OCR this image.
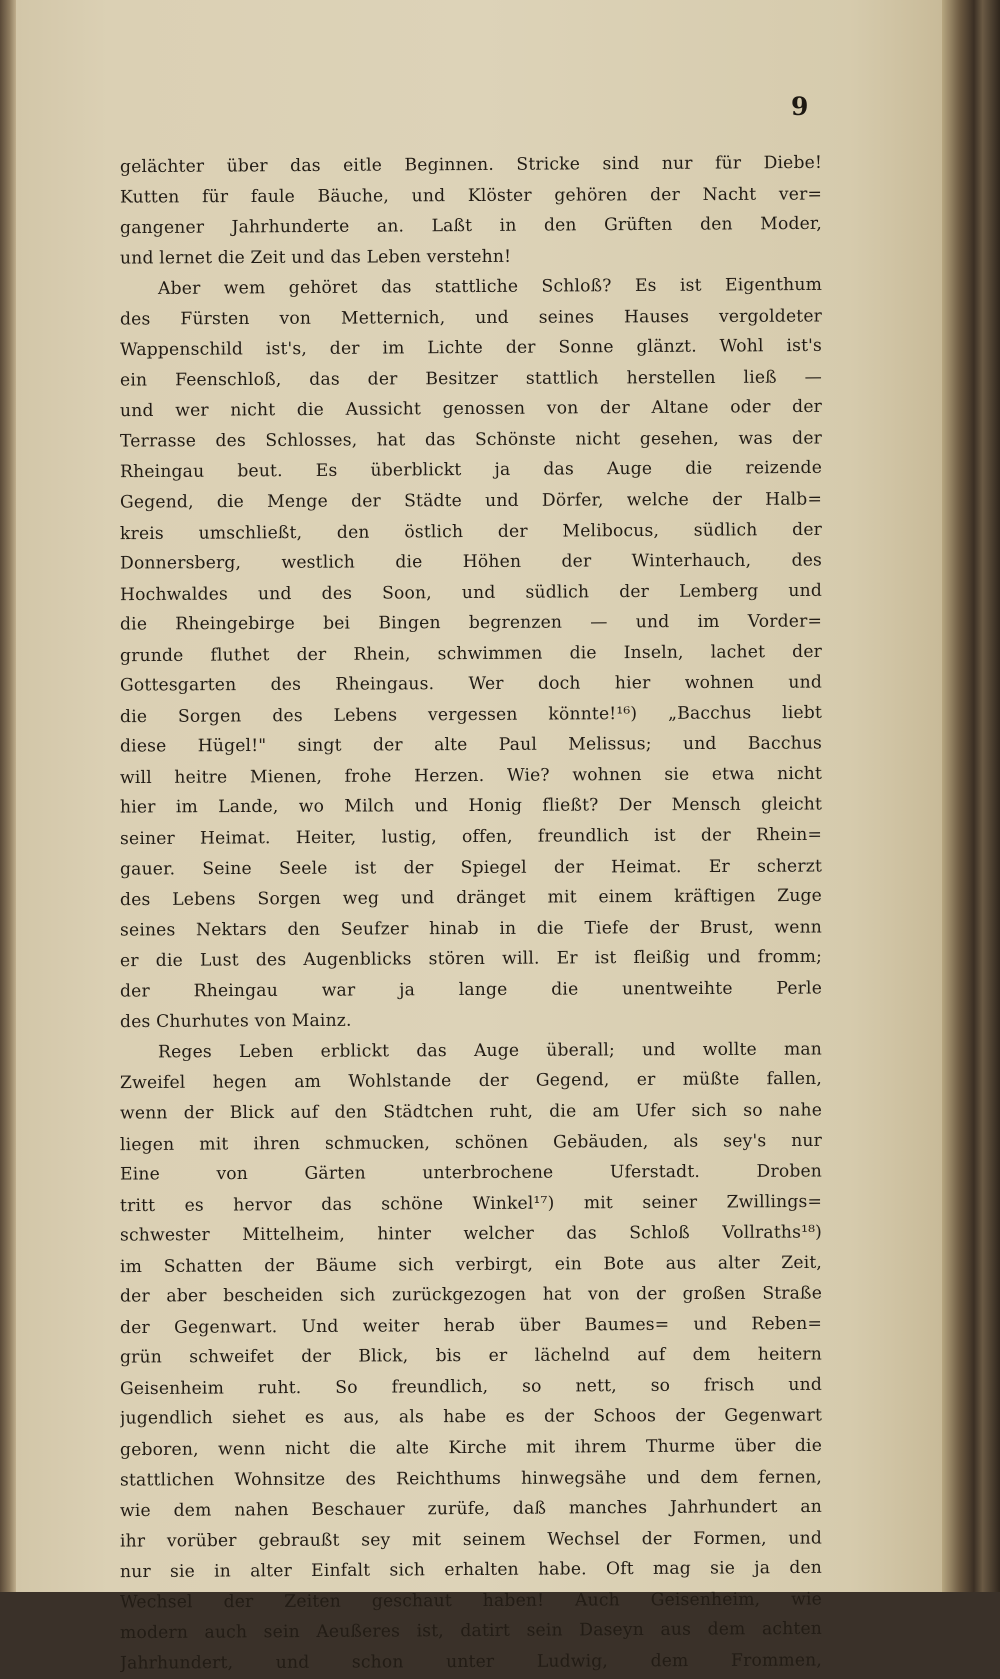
9
gelächter über das eitle Beginnen. Stricke sind nur für Diebe!
Kutten für faule Bäuche, und Klöster gehören der Nacht ver=
gangener Jahrhunderte an. Laßt in den Grüften den Moder,
und lernet die Zeit und das Leben verstehn!
Aber wem gehöret das stattliche Schloß? Es ist Eigenthum
des Fürsten von Metternich, und seines Hauses vergoldeter
Wappenschild ist's, der im Lichte der Sonne glänzt. Wohl ist's
ein Feenschloß, das der Besitzer stattlich herstellen ließ —
und wer nicht die Aussicht genossen von der Altane oder der
Terrasse des Schlosses, hat das Schönste nicht gesehen, was der
Rheingau beut. Es überblickt ja das Auge die reizende
Gegend, die Menge der Städte und Dörfer, welche der Halb=
kreis umschließt, den östlich der Melibocus, südlich der
Donnersberg, westlich die Höhen der Winterhauch, des
Hochwaldes und des Soon, und südlich der Lemberg und
die Rheingebirge bei Bingen begrenzen — und im Vorder=
grunde fluthet der Rhein, schwimmen die Inseln, lachet der
Gottesgarten des Rheingaus. Wer doch hier wohnen und
die Sorgen des Lebens vergessen könnte!¹⁶) „Bacchus liebt
diese Hügel!" singt der alte Paul Melissus; und Bacchus
will heitre Mienen, frohe Herzen. Wie? wohnen sie etwa nicht
hier im Lande, wo Milch und Honig fließt? Der Mensch gleicht
seiner Heimat. Heiter, lustig, offen, freundlich ist der Rhein=
gauer. Seine Seele ist der Spiegel der Heimat. Er scherzt
des Lebens Sorgen weg und dränget mit einem kräftigen Zuge
seines Nektars den Seufzer hinab in die Tiefe der Brust, wenn
er die Lust des Augenblicks stören will. Er ist fleißig und fromm;
der Rheingau war ja lange die unentweihte Perle
des Churhutes von Mainz.
Reges Leben erblickt das Auge überall; und wollte man
Zweifel hegen am Wohlstande der Gegend, er müßte fallen,
wenn der Blick auf den Städtchen ruht, die am Ufer sich so nahe
liegen mit ihren schmucken, schönen Gebäuden, als sey's nur
Eine von Gärten unterbrochene Uferstadt. Droben
tritt es hervor das schöne Winkel¹⁷) mit seiner Zwillings=
schwester Mittelheim, hinter welcher das Schloß Vollraths¹⁸)
im Schatten der Bäume sich verbirgt, ein Bote aus alter Zeit,
der aber bescheiden sich zurückgezogen hat von der großen Straße
der Gegenwart. Und weiter herab über Baumes= und Reben=
grün schweifet der Blick, bis er lächelnd auf dem heitern
Geisenheim ruht. So freundlich, so nett, so frisch und
jugendlich siehet es aus, als habe es der Schoos der Gegenwart
geboren, wenn nicht die alte Kirche mit ihrem Thurme über die
stattlichen Wohnsitze des Reichthums hinwegsähe und dem fernen,
wie dem nahen Beschauer zurüfe, daß manches Jahrhundert an
ihr vorüber gebraußt sey mit seinem Wechsel der Formen, und
nur sie in alter Einfalt sich erhalten habe. Oft mag sie ja den
Wechsel der Zeiten geschaut haben! Auch Geisenheim, wie
modern auch sein Aeußeres ist, datirt sein Daseyn aus dem achten
Jahrhundert, und schon unter Ludwig, dem Frommen,
